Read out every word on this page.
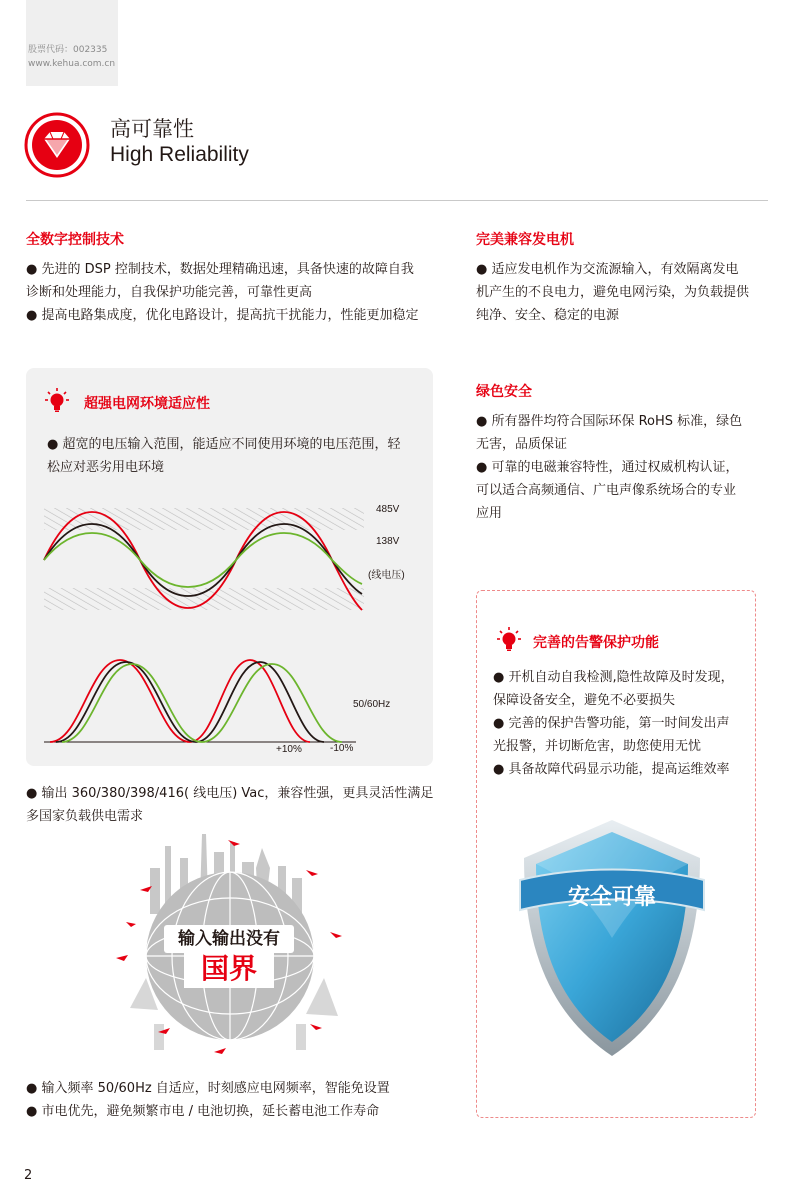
股票代码：002335
www.kehua.com.cn
高可靠性
High Reliability
全数字控制技术
● 先进的 DSP 控制技术，数据处理精确迅速，具备快速的故障自我
诊断和处理能力，自我保护功能完善，可靠性更高
● 提高电路集成度，优化电路设计，提高抗干扰能力，性能更加稳定
超强电网环境适应性
● 超宽的电压输入范围，能适应不同使用环境的电压范围，轻
松应对恶劣用电环境
485V
138V
(线电压)
50/60Hz
+10%	-10%
● 输出 360/380/398/416( 线电压) Vac，兼容性强，更具灵活性满足
多国家负载供电需求
输入输出没有
国界
● 输入频率 50/60Hz 自适应，时刻感应电网频率，智能免设置
● 市电优先，避免频繁市电 / 电池切换，延长蓄电池工作寿命
完美兼容发电机
● 适应发电机作为交流源输入，有效隔离发电
机产生的不良电力，避免电网污染，为负载提供
纯净、安全、稳定的电源
绿色安全
● 所有器件均符合国际环保 RoHS 标准，绿色
无害，品质保证
● 可靠的电磁兼容特性，通过权威机构认证，
可以适合高频通信、广电声像系统场合的专业
应用
完善的告警保护功能
● 开机自动自我检测,隐性故障及时发现，
保障设备安全，避免不必要损失
● 完善的保护告警功能，第一时间发出声
光报警，并切断危害，助您使用无忧
● 具备故障代码显示功能，提高运维效率
安全可靠
2
